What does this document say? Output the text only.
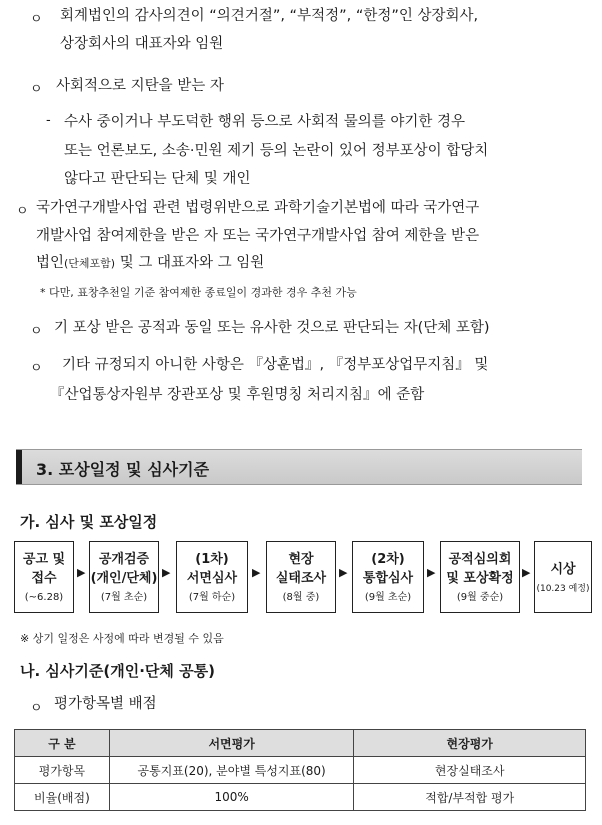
ㅇ 회계법인의 감사의견이 “의견거절”, “부적정”, “한정”인 상장회사,
상장회사의 대표자와 임원
ㅇ 사회적으로 지탄을 받는 자
- 수사 중이거나 부도덕한 행위 등으로 사회적 물의를 야기한 경우
또는 언론보도, 소송·민원 제기 등의 논란이 있어 정부포상이 합당치
않다고 판단되는 단체 및 개인
ㅇ 국가연구개발사업 관련 법령위반으로 과학기술기본법에 따라 국가연구
개발사업 참여제한을 받은 자 또는 국가연구개발사업 참여 제한을 받은
법인(단체포함) 및 그 대표자와 그 임원
* 다만, 표창추천일 기준 참여제한 종료일이 경과한 경우 추천 가능
ㅇ 기 포상 받은 공적과 동일 또는 유사한 것으로 판단되는 자(단체 포함)
ㅇ 기타 규정되지 아니한 사항은 『상훈법』, 『정부포상업무지침』 및
『산업통상자원부 장관포상 및 후원명칭 처리지침』에 준함
3. 포상일정 및 심사기준
가. 심사 및 포상일정
공고 및
접수
(~6.28)
▶
공개검증
(개인/단체)
(7월 초순)
▶
(1차)
서면심사
(7월 하순)
▶
현장
실태조사
(8월 중)
▶
(2차)
통합심사
(9월 초순)
▶
공적심의회
및 포상확정
(9월 중순)
▶	시상
(10.23 예정)
※ 상기 일정은 사정에 따라 변경될 수 있음
나. 심사기준(개인·단체 공통)
ㅇ 평가항목별 배점
구 분	서면평가	현장평가
평가항목	공통지표(20), 분야별 특성지표(80)	현장실태조사
비율(배점)	100%	적합/부적합 평가
